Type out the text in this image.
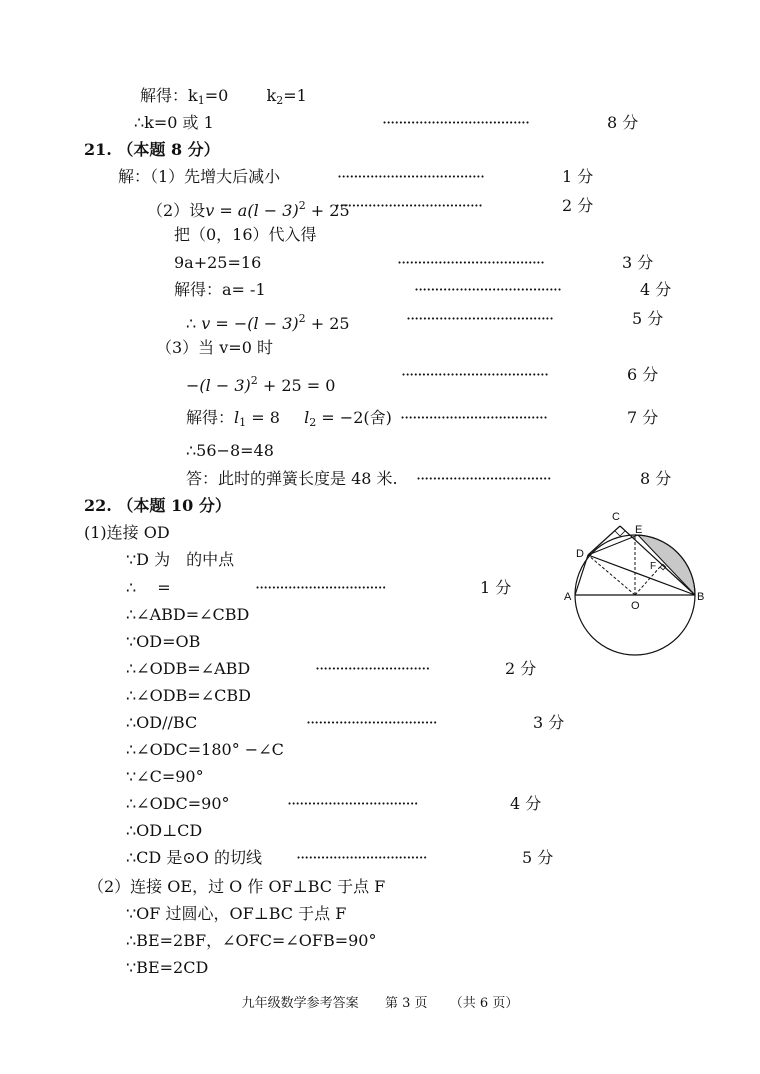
解得：$k_1=0$ $k_2=1$
∴k=0 或 1	····································	8 分
21. （本题 8 分）
解：（1）先增大后减小	····································	1 分
（2）设$v = a(l - 3)^2 + 25$
····································	2 分
把（0，16）代入得
9a+25=16	····································	3 分
解得：a= -1	····································	4 分
∴ $v = -(l - 3)^2 + 25$	····································	5 分
（3）当 v=0 时
$-(l - 3)^2 + 25 = 0$
····································	6 分
解得：$l_1 = 8$ $l_2 = -2$(舍) ····································	7 分
∴56−8=48
答：此时的弹簧长度是 48 米. ·································	8 分
22. （本题 10 分）
(1)连接 OD
∵D 为　的中点
∴　 =	································	1 分
∴∠ABD=∠CBD
∵OD=OB
∴∠ODB=∠ABD	····························	2 分
∴∠ODB=∠CBD
∴OD//BC	································	3 分
∴∠ODC=180° −∠C
∵∠C=90°
∴∠ODC=90°	································	4 分
∴OD⊥CD
∴CD 是⊙O 的切线 ································	5 分
（2）连接 OE，过 O 作 OF⊥BC 于点 F
∵OF 过圆心，OF⊥BC 于点 F
∴BE=2BF，∠OFC=∠OFB=90°
∵BE=2CD
C
E
D
F
A
O
B
九年级数学参考答案 第 3 页 （共 6 页）
